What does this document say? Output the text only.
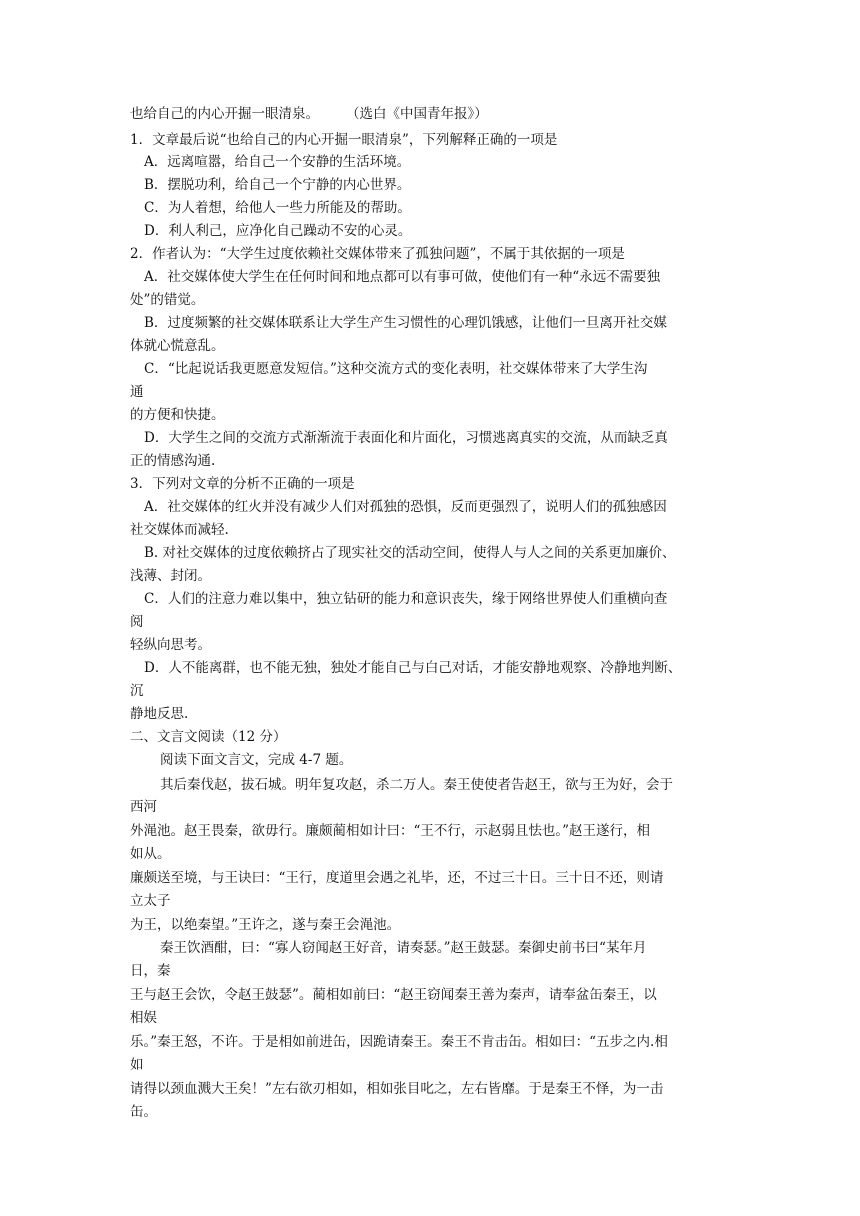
也给自己的内心开掘一眼清泉。　　　（选白《中国青年报》）
1．文章最后说“也给自己的内心开掘一眼清泉”，下列解释正确的一项是
A．远离喧嚣，给自己一个安静的生活环境。
B．摆脱功利，给自己一个宁静的内心世界。
C．为人着想，给他人一些力所能及的帮助。
D．利人利己，应净化自己躁动不安的心灵。
2．作者认为：“大学生过度依赖社交媒体带来了孤独问题”，不属于其依据的一项是
A．社交媒体使大学生在任何时间和地点都可以有事可做，使他们有一种“永远不需要独
处”的错觉。
B．过度频繁的社交媒体联系让大学生产生习惯性的心理饥饿感，让他们一旦离开社交媒
体就心慌意乱。
C．“比起说话我更愿意发短信。”这种交流方式的变化表明，社交媒体带来了大学生沟
通
的方便和快捷。
D．大学生之间的交流方式渐渐流于表面化和片面化，习惯逃离真实的交流，从而缺乏真
正的情感沟通.
3．下列对文章的分析不正确的一项是
A．社交媒体的红火并没有减少人们对孤独的恐惧，反而更强烈了，说明人们的孤独感因
社交媒体而减轻.
B. 对社交媒体的过度依赖挤占了现实社交的活动空间，使得人与人之间的关系更加廉价、
浅薄、封闭。
C．人们的注意力难以集中，独立钻研的能力和意识丧失，缘于网络世界使人们重横向查
阅
轻纵向思考。
D．人不能离群，也不能无独，独处才能自己与白己对话，才能安静地观察、冷静地判断、
沉
静地反思.
二、文言文阅读（12 分）
阅读下面文言文，完成 4-7 题。
其后秦伐赵，拔石城。明年复攻赵，杀二万人。秦王使使者告赵王，欲与王为好，会于
西河
外渑池。赵王畏秦，欲毋行。廉颇蔺相如计曰：“王不行，示赵弱且怯也。”赵王遂行，相
如从。
廉颇送至境，与王诀曰：“王行，度道里会遇之礼毕，还，不过三十日。三十日不还，则请
立太子
为王，以绝秦望。”王许之，遂与秦王会渑池。
秦王饮酒酣，曰：“寡人窃闻赵王好音，请奏瑟。”赵王鼓瑟。秦御史前书曰“某年月
日，秦
王与赵王会饮，令赵王鼓瑟”。蔺相如前曰：“赵王窃闻秦王善为秦声，请奉盆缶秦王，以
相娱
乐。”秦王怒，不许。于是相如前进缶，因跪请秦王。秦王不肯击缶。相如曰：“五步之内.相
如
请得以颈血溅大王矣！”左右欲刃相如，相如张目叱之，左右皆靡。于是秦王不怿，为一击
缶。
